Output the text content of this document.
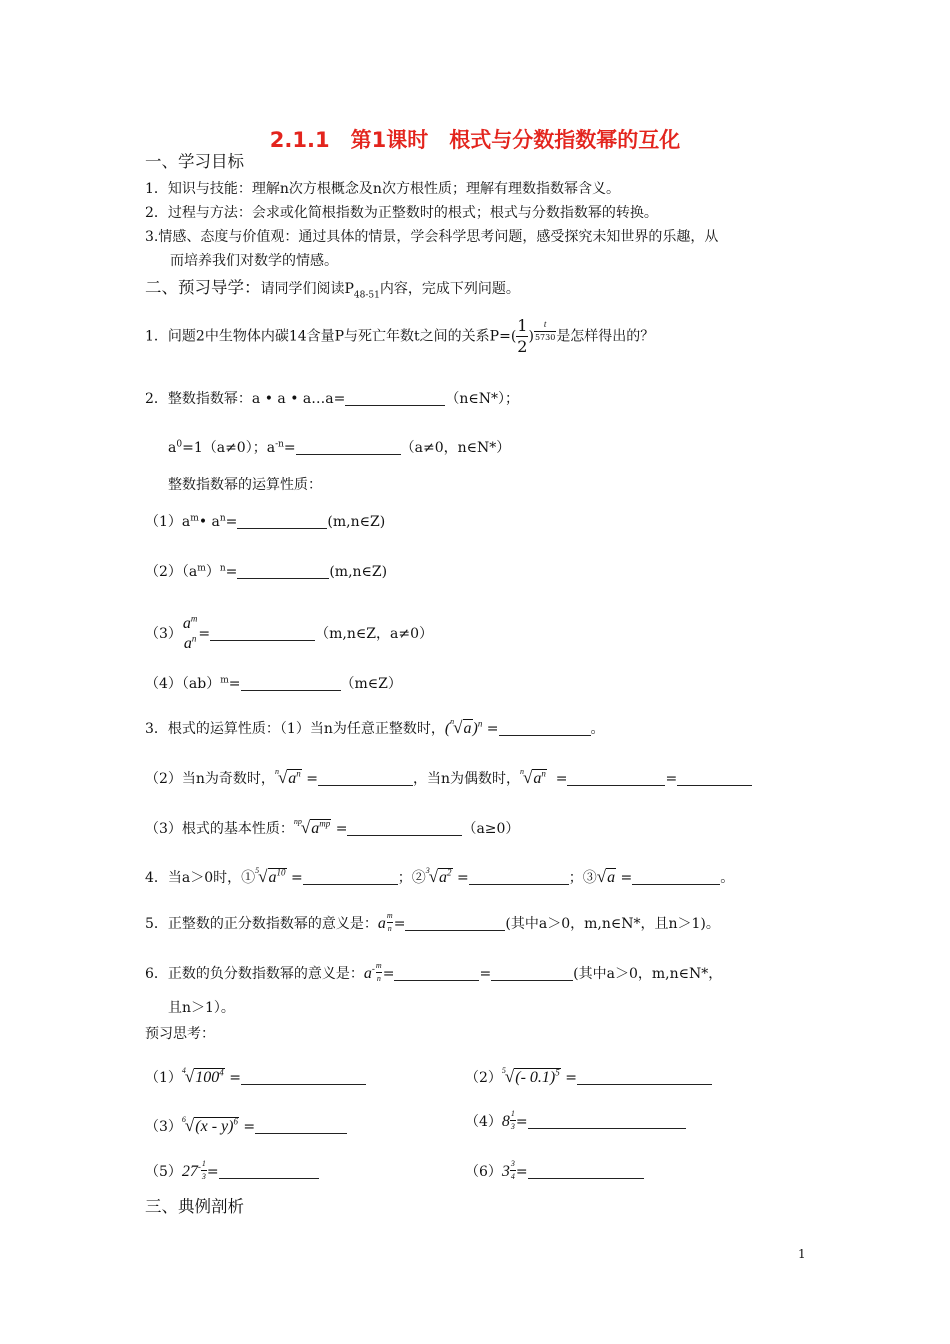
2.1.1　第1课时　根式与分数指数幂的互化
一、学习目标
1．知识与技能：理解n次方根概念及n次方根性质；理解有理数指数幂含义。
2．过程与方法：会求或化简根指数为正整数时的根式；根式与分数指数幂的转换。
3.情感、态度与价值观：通过具体的情景，学会科学思考问题，感受探究未知世界的乐趣，从
而培养我们对数学的情感。
二、预习导学：请同学们阅读$P_{48-51}$内容，完成下列问题。
1．问题2中生物体内碳14含量P与死亡年数t之间的关系$P=( \frac{1}{2}$ ) $\frac{t}{5730}$ 是怎样得出的？
2．整数指数幂：a • a • a…a=	（n∈N*）；
$a^0=1(a\ne 0)$；$a^{-n}=$	（a≠0，n∈N*）
整数指数幂的运算性质：
$(1)a^m•$ $a^n=$	(m,n∈Z)
$(2)(a^m)^n=$	(m,n∈Z)
（3）
$a^m$
$a^n$ =	（m,n∈Z，a≠0）
（4）（ab）$^m$=	（m∈Z）
3．根式的运算性质：（1）当n为任意正整数时，$(^n√a)^n$ =	。
（2）当n为奇数时，$^n√a^n$ =	，当n为偶数时，$^n√a^n$  =	=
（3）根式的基本性质：$^{np}√a^{mp}$ =	（a≥0）
4．当a＞0时，$①^5√a^{10}$ =	；$②^3√a^2$ =	；③√a =	。
5．正整数的正分数指数幂的意义是：a $\frac{m}{n}$ =	(其中a＞0，m,n∈N*，且n＞1)。
6．正数的负分数指数幂的意义是：$a^- \frac{m}{n}$ =	=	(其中a＞0，m,n∈N*，
且n＞1）。
预习思考：
$(1)^4√100^4$ =	$(2)^5√(-$ 0.1)$^5$ =
$(3)^6√(x - y)^6$ =	$(4)8 \frac{1}{3}$ =
$(5)27^- \frac{1}{3}$ =	$(6)3 \frac{3}{4}$ =
三、典例剖析
1
